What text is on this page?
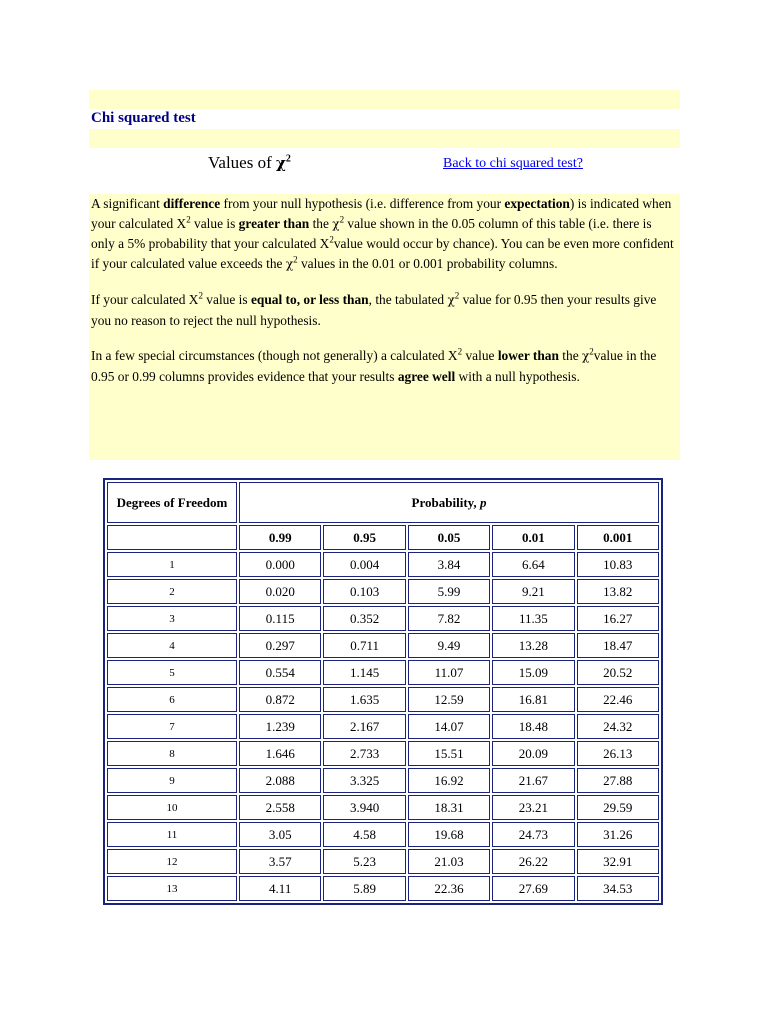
Chi squared test
Values of $\chi^2$	Back to chi squared test?

A significant difference from your null hypothesis (i.e. difference from your expectation) is indicated when your calculated $X^2$ value is greater than the $\chi^2$ value shown in the 0.05 column of this table (i.e. there is only a 5% probability that your calculated $X^2value$ would occur by chance). You can be even more confident if your calculated value exceeds the $\chi^2$ values in the 0.01 or 0.001 probability columns.

If your calculated $X^2$ value is equal to, or less than, the tabulated $\chi^2$ value for 0.95 then your results give you no reason to reject the null hypothesis.

In a few special circumstances (though not generally) a calculated $X^2$ value lower than the $\chi^2value$ in the 0.95 or 0.99 columns provides evidence that your results agree well with a null hypothesis.

Degrees of Freedom	Probability, p				
	0.99	0.95	0.05	0.01	0.001
1	0.000	0.004	3.84	6.64	10.83
2	0.020	0.103	5.99	9.21	13.82
3	0.115	0.352	7.82	11.35	16.27
4	0.297	0.711	9.49	13.28	18.47
5	0.554	1.145	11.07	15.09	20.52
6	0.872	1.635	12.59	16.81	22.46
7	1.239	2.167	14.07	18.48	24.32
8	1.646	2.733	15.51	20.09	26.13
9	2.088	3.325	16.92	21.67	27.88
10	2.558	3.940	18.31	23.21	29.59
11	3.05	4.58	19.68	24.73	31.26
12	3.57	5.23	21.03	26.22	32.91
13	4.11	5.89	22.36	27.69	34.53
